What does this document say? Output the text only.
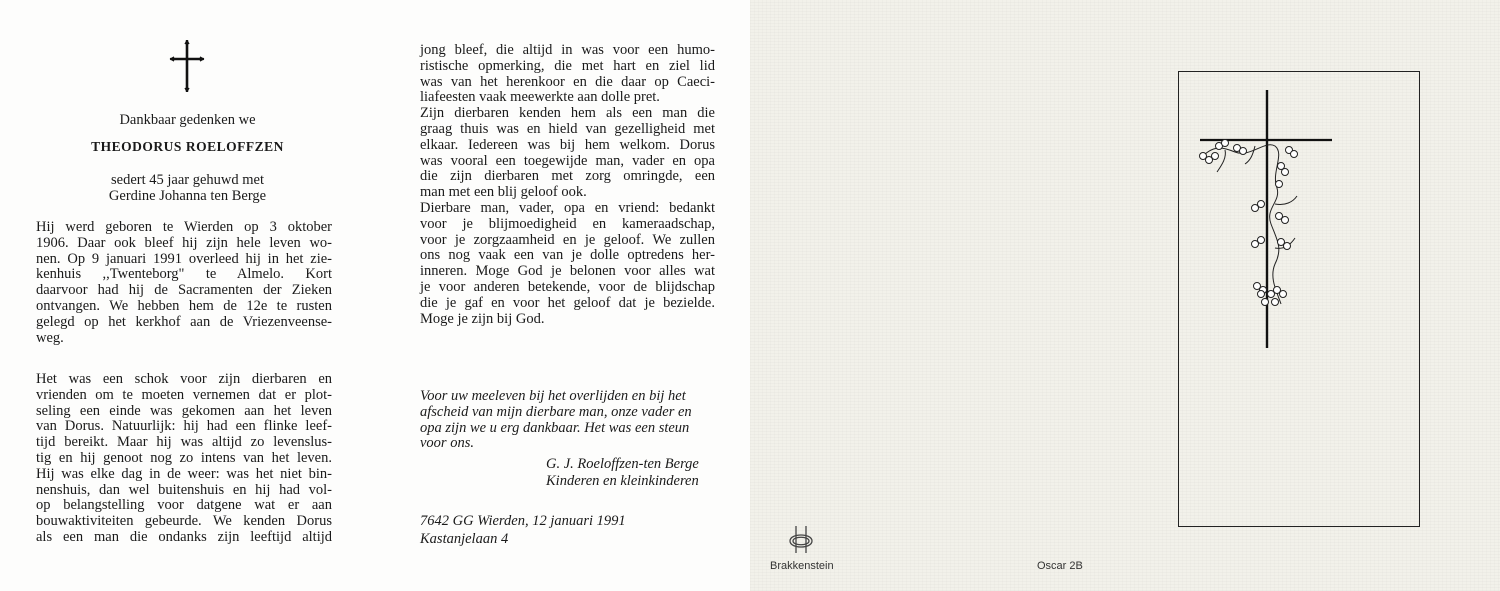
Dankbaar gedenken we
THEODORUS ROELOFFZEN
sedert 45 jaar gehuwd met
Gerdine Johanna ten Berge
Hij werd geboren te Wierden op 3 oktober
1906. Daar ook bleef hij zijn hele leven wo-
nen. Op 9 januari 1991 overleed hij in het zie-
kenhuis ,,Twenteborg" te Almelo. Kort
daarvoor had hij de Sacramenten der Zieken
ontvangen. We hebben hem de 12e te rusten
gelegd op het kerkhof aan de Vriezenveense-
weg.
Het was een schok voor zijn dierbaren en
vrienden om te moeten vernemen dat er plot-
seling een einde was gekomen aan het leven
van Dorus. Natuurlijk: hij had een flinke leef-
tijd bereikt. Maar hij was altijd zo levenslus-
tig en hij genoot nog zo intens van het leven.
Hij was elke dag in de weer: was het niet bin-
nenshuis, dan wel buitenshuis en hij had vol-
op belangstelling voor datgene wat er aan
bouwaktiviteiten gebeurde. We kenden Dorus
als een man die ondanks zijn leeftijd altijd
jong bleef, die altijd in was voor een humo-
ristische opmerking, die met hart en ziel lid
was van het herenkoor en die daar op Caeci-
liafeesten vaak meewerkte aan dolle pret.
Zijn dierbaren kenden hem als een man die
graag thuis was en hield van gezelligheid met
elkaar. Iedereen was bij hem welkom. Dorus
was vooral een toegewijde man, vader en opa
die zijn dierbaren met zorg omringde, een
man met een blij geloof ook.
Dierbare man, vader, opa en vriend: bedankt
voor je blijmoedigheid en kameraadschap,
voor je zorgzaamheid en je geloof. We zullen
ons nog vaak een van je dolle optredens her-
inneren. Moge God je belonen voor alles wat
je voor anderen betekende, voor de blijdschap
die je gaf en voor het geloof dat je bezielde.
Moge je zijn bij God.
Voor uw meeleven bij het overlijden en bij het
afscheid van mijn dierbare man, onze vader en
opa zijn we u erg dankbaar. Het was een steun
voor ons.
G. J. Roeloffzen-ten Berge
Kinderen en kleinkinderen
7642 GG Wierden, 12 januari 1991
Kastanjelaan 4
Brakkenstein	Oscar 2B
